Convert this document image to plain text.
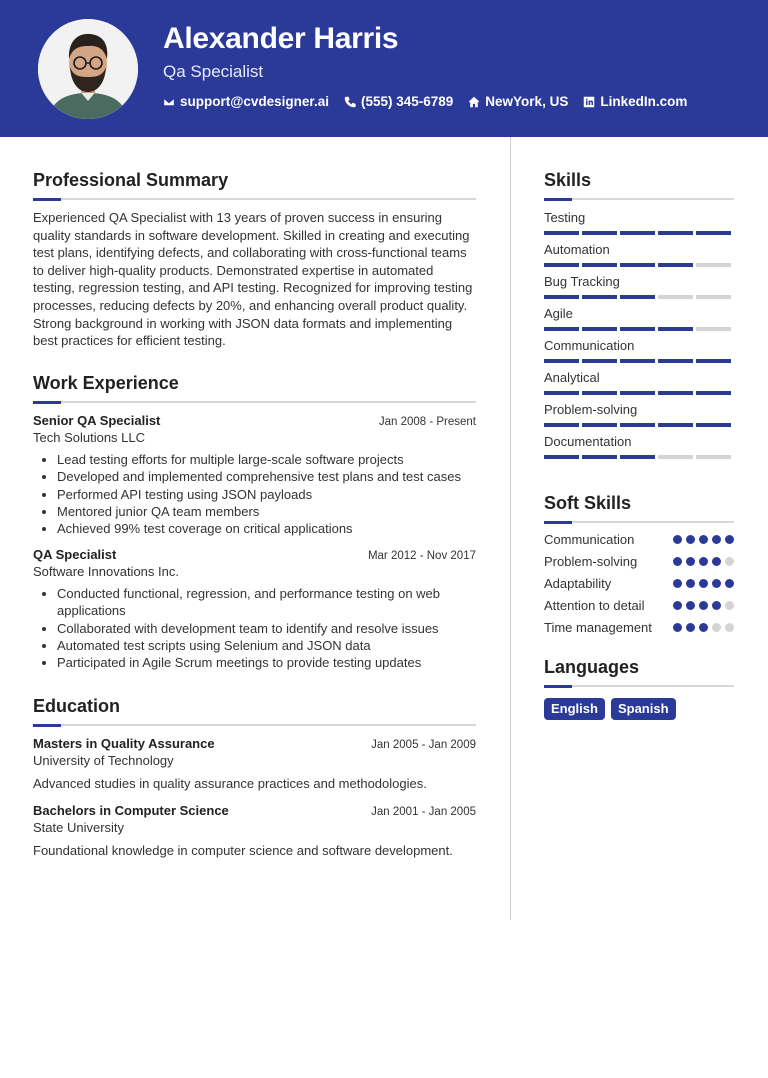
Alexander Harris
Qa Specialist
support@cvdesigner.ai (555) 345-6789 NewYork, US LinkedIn.com
Professional Summary
Experienced QA Specialist with 13 years of proven success in ensuring quality standards in software development. Skilled in creating and executing test plans, identifying defects, and collaborating with cross-functional teams to deliver high-quality products. Demonstrated expertise in automated testing, regression testing, and API testing. Recognized for improving testing processes, reducing defects by 20%, and enhancing overall product quality. Strong background in working with JSON data formats and implementing best practices for efficient testing.
Work Experience
Senior QA Specialist	Jan 2008 - Present
Tech Solutions LLC
• Lead testing efforts for multiple large-scale software projects
• Developed and implemented comprehensive test plans and test cases
• Performed API testing using JSON payloads
• Mentored junior QA team members
• Achieved 99% test coverage on critical applications
QA Specialist	Mar 2012 - Nov 2017
Software Innovations Inc.
• Conducted functional, regression, and performance testing on web applications
• Collaborated with development team to identify and resolve issues
• Automated test scripts using Selenium and JSON data
• Participated in Agile Scrum meetings to provide testing updates
Education
Masters in Quality Assurance	Jan 2005 - Jan 2009
University of Technology
Advanced studies in quality assurance practices and methodologies.
Bachelors in Computer Science	Jan 2001 - Jan 2005
State University
Foundational knowledge in computer science and software development.
Skills
Testing
Automation
Bug Tracking
Agile
Communication
Analytical
Problem-solving
Documentation
Soft Skills
Communication
Problem-solving
Adaptability
Attention to detail
Time management
Languages
English	Spanish
